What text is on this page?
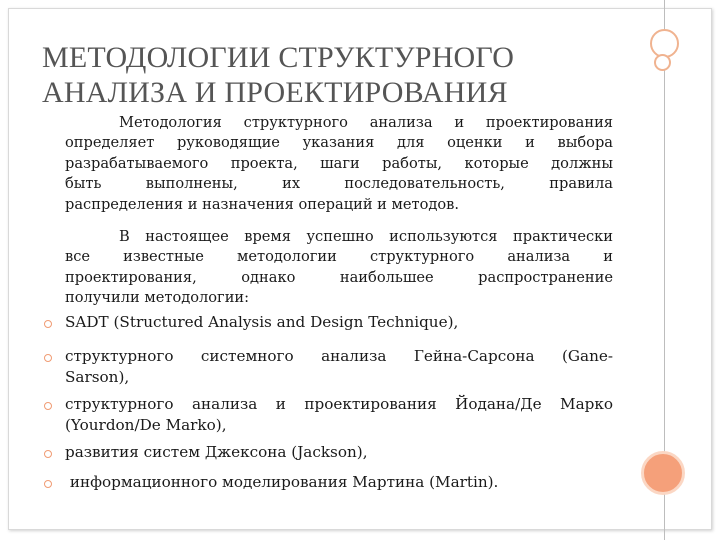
МЕТОДОЛОГИИ СТРУКТУРНОГО
АНАЛИЗА И ПРОЕКТИРОВАНИЯ
Методология структурного анализа и проектирования
определяет руководящие указания для оценки и выбора
разрабатываемого проекта, шаги работы, которые должны
быть выполнены, их последовательность, правила
распределения и назначения операций и методов.
В настоящее время успешно используются практически
все известные методологии структурного анализа и
проектирования, однако наибольшее распространение
получили методологии:
SADT (Structured Analysis and Design Technique),
структурного системного анализа Гейна-Сарсона (Gane-
Sarson),
структурного анализа и проектирования Йодана/Де Марко
(Yourdon/De Marko),
развития систем Джексона (Jackson),
информационного моделирования Мартина (Martin).
